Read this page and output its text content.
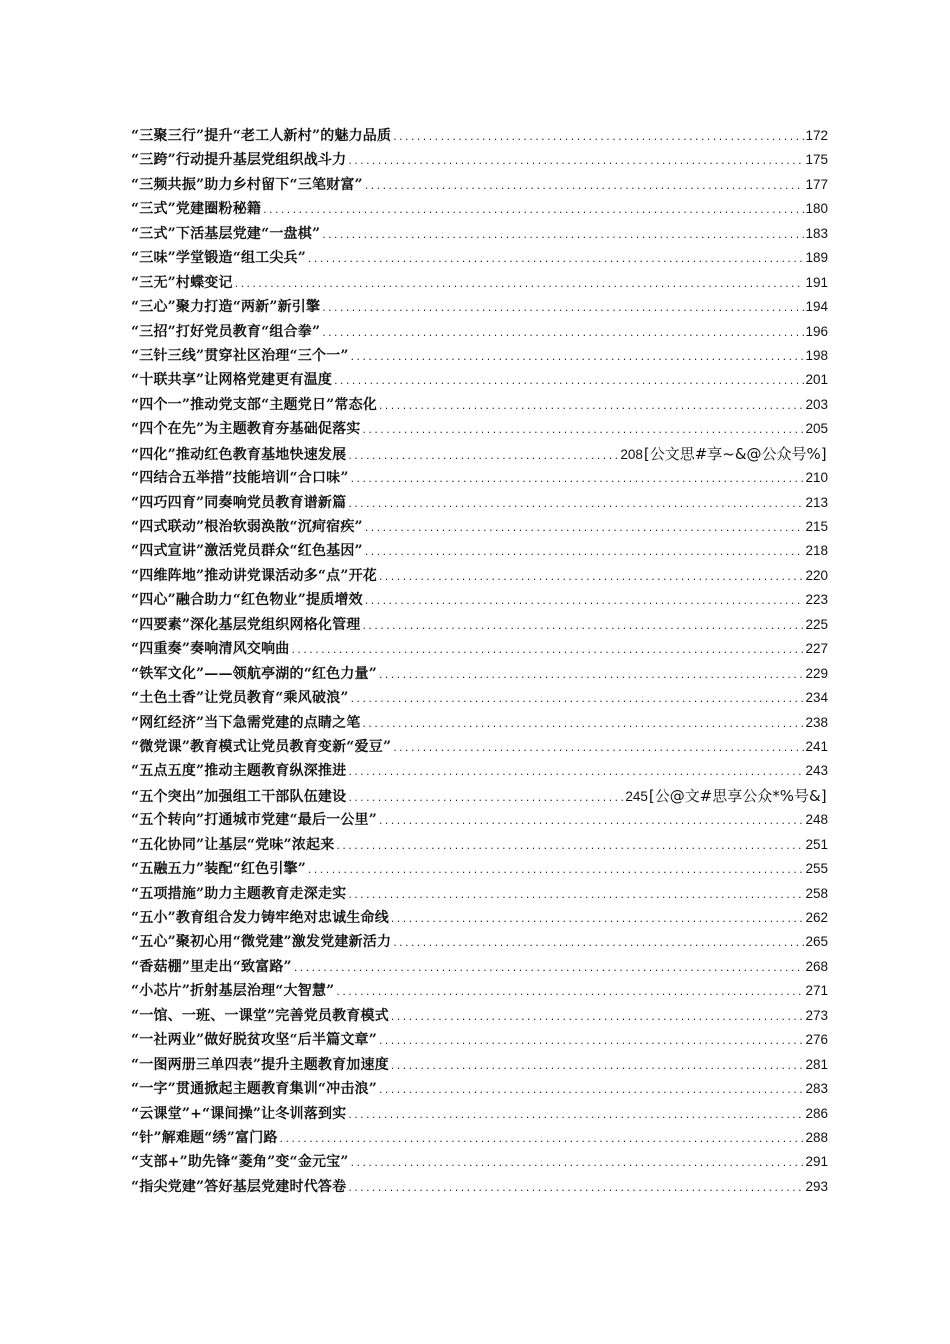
“三聚三行”提升“老工人新村”的魅力品质 .....	172
“三跨”行动提升基层党组织战斗力 .....	175
“三频共振”助力乡村留下“三笔财富” .....	177
“三式”党建圈粉秘籍 .....	180
“三式”下活基层党建“一盘棋” .....	183
“三味”学堂锻造“组工尖兵” .....	189
“三无”村蝶变记 .....	191
“三心”聚力打造“两新”新引擎 .....	194
“三招”打好党员教育“组合拳” .....	196
“三针三线”贯穿社区治理“三个一” .....	198
“十联共享”让网格党建更有温度 .....	201
“四个一”推动党支部“主题党日”常态化 .....	203
“四个在先”为主题教育夯基础促落实 .....	205
“四化”推动红色教育基地快速发展 .....	208 [公文思#享~&@公众号%]
“四结合五举措”技能培训“合口味” .....	210
“四巧四育”同奏响党员教育谱新篇 .....	213
“四式联动”根治软弱涣散“沉疴宿疾” .....	215
“四式宣讲”激活党员群众“红色基因” .....	218
“四维阵地”推动讲党课活动多“点”开花 .....	220
“四心”融合助力“红色物业”提质增效 .....	223
“四要素”深化基层党组织网格化管理 .....	225
“四重奏”奏响清风交响曲 .....	227
“铁军文化”——领航亭湖的“红色力量” .....	229
“土色土香”让党员教育“乘风破浪” .....	234
“网红经济”当下急需党建的点睛之笔 .....	238
“微党课”教育模式让党员教育变新“爱豆” .....	241
“五点五度”推动主题教育纵深推进 .....	243
“五个突出”加强组工干部队伍建设 .....	245 [公@文#思享公众*%号&]
“五个转向”打通城市党建“最后一公里” .....	248
“五化协同”让基层“党味”浓起来 .....	251
“五融五力”装配“红色引擎” .....	255
“五项措施”助力主题教育走深走实 .....	258
“五小”教育组合发力铸牢绝对忠诚生命线 .....	262
“五心”聚初心用“微党建”激发党建新活力 .....	265
“香菇棚”里走出“致富路” .....	268
“小芯片”折射基层治理“大智慧” .....	271
“一馆、一班、一课堂”完善党员教育模式 .....	273
“一社两业”做好脱贫攻坚“后半篇文章” .....	276
“一图两册三单四表”提升主题教育加速度 .....	281
“一字”贯通掀起主题教育集训“冲击浪” .....	283
“云课堂”+“课间操”让冬训落到实 .....	286
“针”解难题“绣”富门路 .....	288
“支部+”助先锋“菱角”变“金元宝” .....	291
“指尖党建”答好基层党建时代答卷 .....	293
